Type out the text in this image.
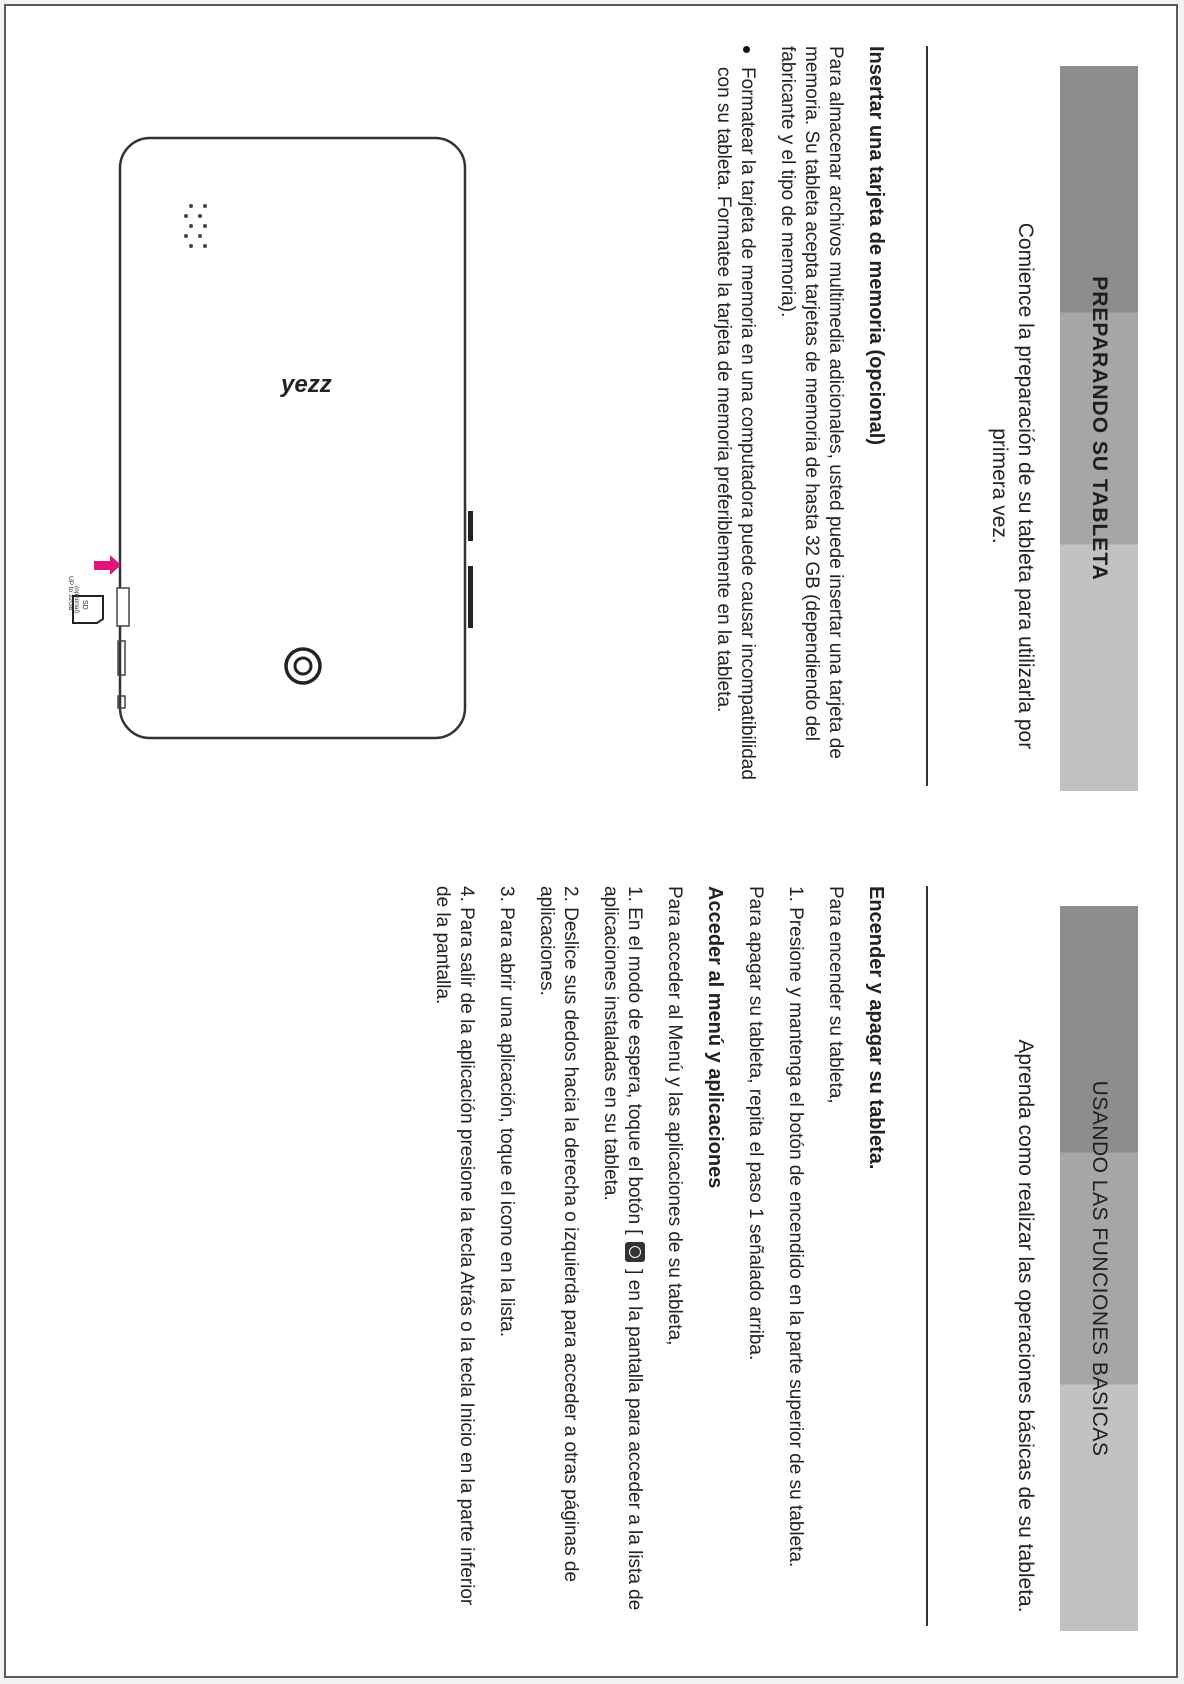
PREPARANDO SU TABLETA
Comience la preparación de su tableta para utilizarla por primera vez.
Insertar una tarjeta de memoria (opcional)

Para almacenar archivos multimedia adicionales, usted puede insertar una tarjeta de memoria. Su tableta acepta tarjetas de memoria de hasta 32 GB (dependiendo del fabricante y el tipo de memoria).

Formatear la tarjeta de memoria en una computadora puede causar incompatibilidad con su tableta. Formatee la tarjeta de memoria preferiblemente en la tableta.
yezz
SD
(optional)
UP to 32GB
USANDO LAS FUNCIONES BASICAS
Aprenda como realizar las operaciones básicas de su tableta.
Encender y apagar su tableta.

Para encender su tableta,

1. Presione y mantenga el botón de encendido en la parte superior de su tableta.

Para apagar su tableta, repita el paso 1 señalado arriba.

Acceder al menú y aplicaciones

Para acceder al Menú y las aplicaciones de su tableta,

1. En el modo de espera, toque el botón [  ] en la pantalla para acceder a la lista de aplicaciones instaladas en su tableta.

2. Deslice sus dedos hacia la derecha o izquierda para acceder a otras páginas de aplicaciones.

3. Para abrir una aplicación, toque el icono en la lista.

4. Para salir de la aplicación presione la tecla Atrás o la tecla Inicio en la parte inferior de la pantalla.
